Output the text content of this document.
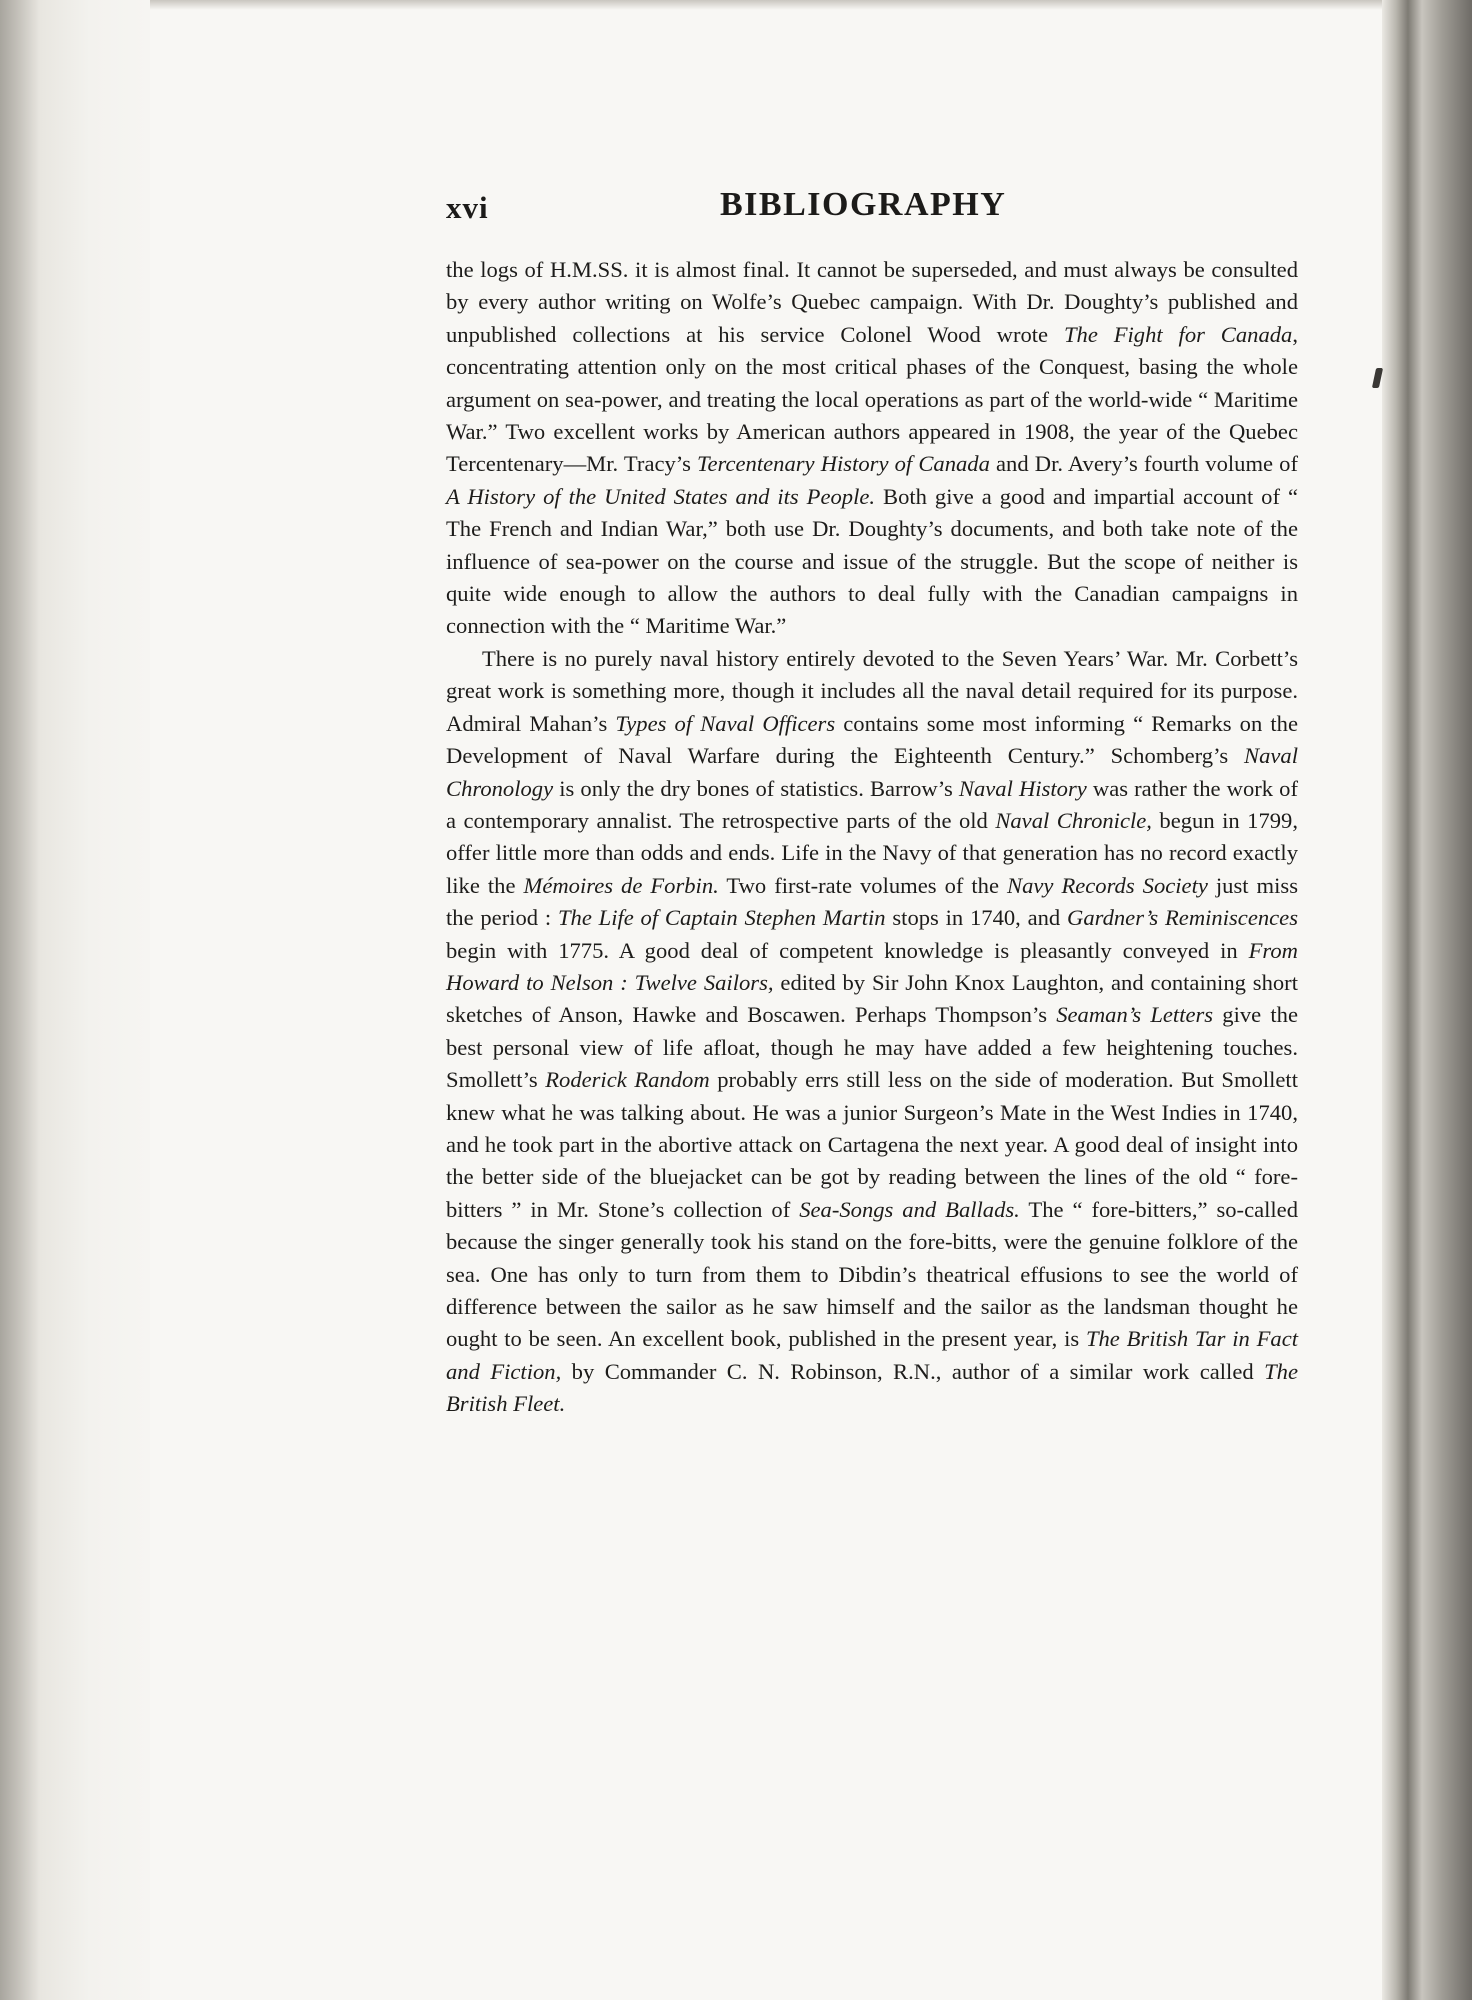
xvi	BIBLIOGRAPHY

the logs of H.M.SS. it is almost final. It cannot be superseded, and must always be consulted by every author writing on Wolfe’s Quebec campaign. With Dr. Doughty’s published and unpublished collections at his service Colonel Wood wrote The Fight for Canada, concentrating attention only on the most critical phases of the Conquest, basing the whole argument on sea-power, and treating the local operations as part of the world-wide “ Maritime War.” Two excellent works by American authors appeared in 1908, the year of the Quebec Tercentenary—Mr. Tracy’s Tercentenary History of Canada and Dr. Avery’s fourth volume of A History of the United States and its People. Both give a good and impartial account of “ The French and Indian War,” both use Dr. Doughty’s documents, and both take note of the influence of sea-power on the course and issue of the struggle. But the scope of neither is quite wide enough to allow the authors to deal fully with the Canadian campaigns in connection with the “ Maritime War.”

There is no purely naval history entirely devoted to the Seven Years’ War. Mr. Corbett’s great work is something more, though it includes all the naval detail required for its purpose. Admiral Mahan’s Types of Naval Officers contains some most informing “ Remarks on the Development of Naval Warfare during the Eighteenth Century.” Schomberg’s Naval Chronology is only the dry bones of statistics. Barrow’s Naval History was rather the work of a contemporary annalist. The retrospective parts of the old Naval Chronicle, begun in 1799, offer little more than odds and ends. Life in the Navy of that generation has no record exactly like the Mémoires de Forbin. Two first-rate volumes of the Navy Records Society just miss the period : The Life of Captain Stephen Martin stops in 1740, and Gardner’s Reminiscences begin with 1775. A good deal of competent knowledge is pleasantly conveyed in From Howard to Nelson : Twelve Sailors, edited by Sir John Knox Laughton, and containing short sketches of Anson, Hawke and Boscawen. Perhaps Thompson’s Seaman’s Letters give the best personal view of life afloat, though he may have added a few heightening touches. Smollett’s Roderick Random probably errs still less on the side of moderation. But Smollett knew what he was talking about. He was a junior Surgeon’s Mate in the West Indies in 1740, and he took part in the abortive attack on Cartagena the next year. A good deal of insight into the better side of the bluejacket can be got by reading between the lines of the old “ fore-bitters ” in Mr. Stone’s collection of Sea-Songs and Ballads. The “ fore-bitters,” so-called because the singer generally took his stand on the fore-bitts, were the genuine folklore of the sea. One has only to turn from them to Dibdin’s theatrical effusions to see the world of difference between the sailor as he saw himself and the sailor as the landsman thought he ought to be seen. An excellent book, published in the present year, is The British Tar in Fact and Fiction, by Commander C. N. Robinson, R.N., author of a similar work called The British Fleet.
